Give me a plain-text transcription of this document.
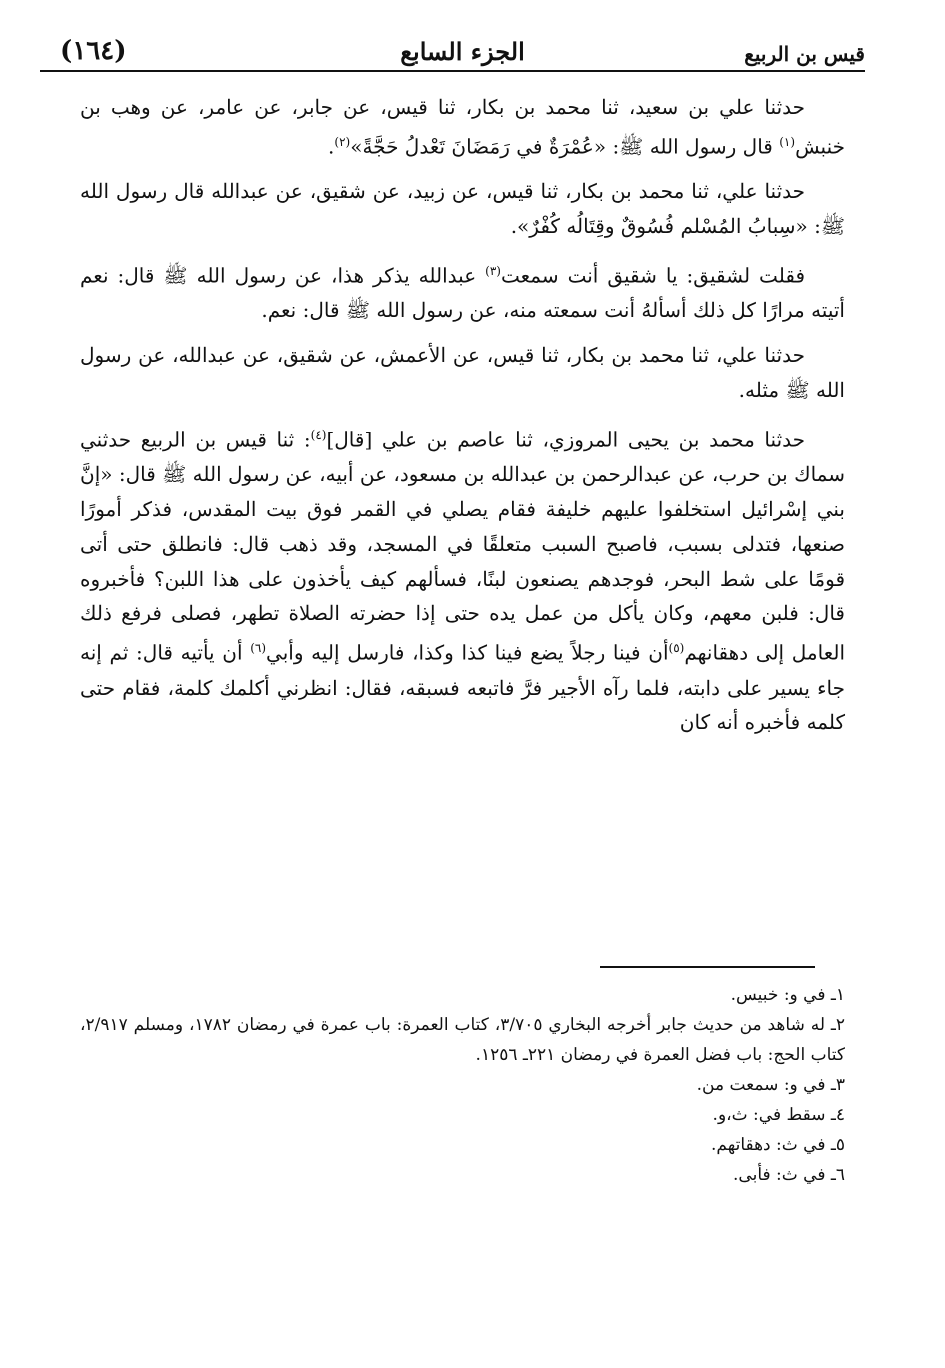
(١٦٤)	الجزء السابع	قيس بن الربيع

حدثنا علي بن سعيد، ثنا محمد بن بكار، ثنا قيس، عن جابر، عن عامر، عن وهب بن خنبش$^{(١)}$ قال رسول الله ﷺ: «عُمْرَةٌ في رَمَضَانَ تَعْدلُ حَجَّةً»$^{(٢)}$.

حدثنا علي، ثنا محمد بن بكار، ثنا قيس، عن زبيد، عن شقيق، عن عبدالله قال رسول الله ﷺ: «سِبابُ المُسْلم فُسُوقٌ وقِتَالُه كُفْرٌ».

فقلت لشقيق: يا شقيق أنت سمعت$^{(٣)}$ عبدالله يذكر هذا، عن رسول الله ﷺ قال: نعم أتيته مرارًا كل ذلك أسألهُ أنت سمعته منه، عن رسول الله ﷺ قال: نعم.

حدثنا علي، ثنا محمد بن بكار، ثنا قيس، عن الأعمش، عن شقيق، عن عبدالله، عن رسول الله ﷺ مثله.

حدثنا محمد بن يحيى المروزي، ثنا عاصم بن علي [قال]$^{(٤)}$: ثنا قيس بن الربيع حدثني سماك بن حرب، عن عبدالرحمن بن عبدالله بن مسعود، عن أبيه، عن رسول الله ﷺ قال: «إنَّ بني إسْرائيل استخلفوا عليهم خليفة فقام يصلي في القمر فوق بيت المقدس، فذكر أمورًا صنعها، فتدلى بسبب، فاصبح السبب متعلقًا في المسجد، وقد ذهب قال: فانطلق حتى أتى قومًا على شط البحر، فوجدهم يصنعون لبنًا، فسألهم كيف يأخذون على هذا اللبن؟ فأخبروه قال: فلبن معهم، وكان يأكل من عمل يده حتى إذا حضرته الصلاة تطهر، فصلى فرفع ذلك العامل إلى دهقانهم$^{(٥)}$أن فينا رجلاً يضع فينا كذا وكذا، فارسل إليه وأبي$^{(٦)}$ أن يأتيه قال: ثم إنه جاء يسير على دابته، فلما رآه الأجير فرَّ فاتبعه فسبقه، فقال: انظرني أكلمك كلمة، فقام حتى كلمه فأخبره أنه كان

١ـ في و: خبيس.
٢ـ له شاهد من حديث جابر أخرجه البخاري ٣/٧٠٥، كتاب العمرة: باب عمرة في رمضان ١٧٨٢، ومسلم ٢/٩١٧، كتاب الحج: باب فضل العمرة في رمضان ٢٢١ـ ١٢٥٦.
٣ـ في و: سمعت من.
٤ـ سقط في: ث،و.
٥ـ في ث: دهقاتهم.
٦ـ في ث: فأبى.
